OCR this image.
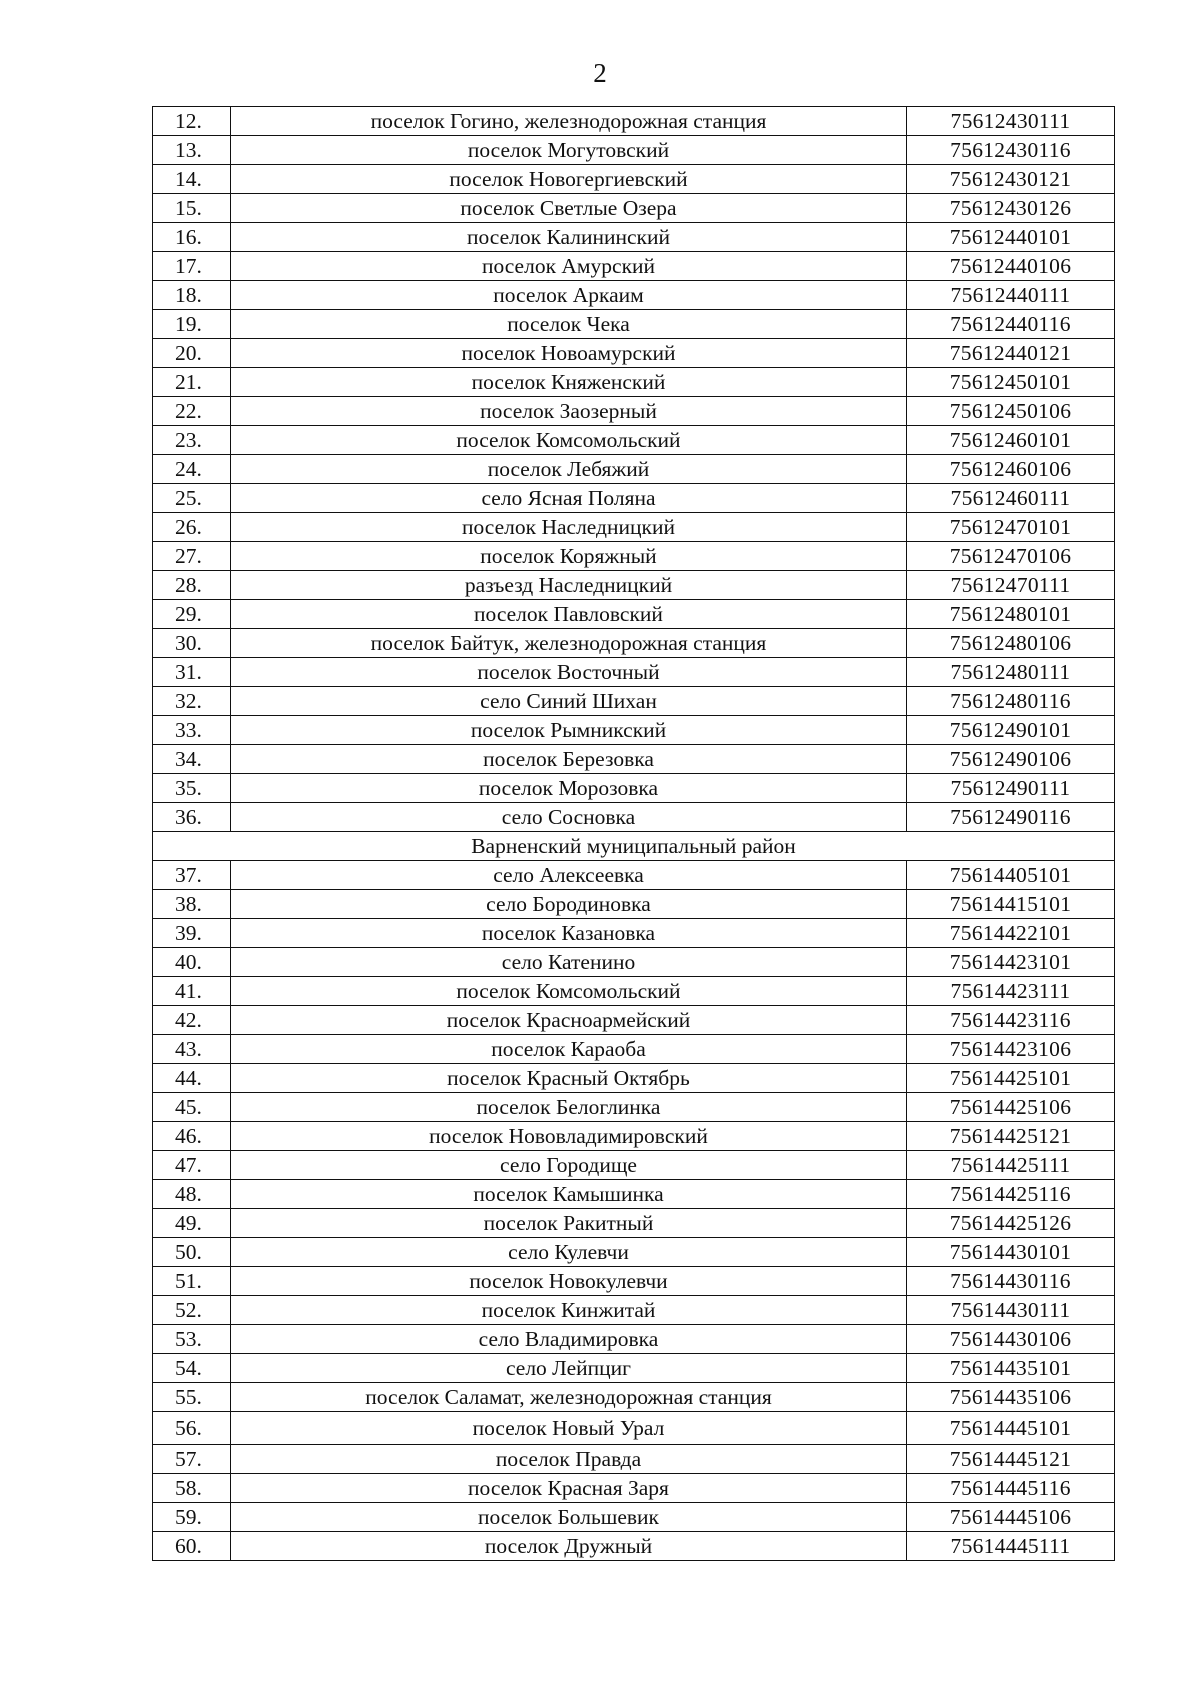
2
12.	поселок Гогино, железнодорожная станция	75612430111
13.	поселок Могутовский	75612430116
14.	поселок Новогергиевский	75612430121
15.	поселок Светлые Озера	75612430126
16.	поселок Калининский	75612440101
17.	поселок Амурский	75612440106
18.	поселок Аркаим	75612440111
19.	поселок Чека	75612440116
20.	поселок Новоамурский	75612440121
21.	поселок Княженский	75612450101
22.	поселок Заозерный	75612450106
23.	поселок Комсомольский	75612460101
24.	поселок Лебяжий	75612460106
25.	село Ясная Поляна	75612460111
26.	поселок Наследницкий	75612470101
27.	поселок Коряжный	75612470106
28.	разъезд Наследницкий	75612470111
29.	поселок Павловский	75612480101
30.	поселок Байтук, железнодорожная станция	75612480106
31.	поселок Восточный	75612480111
32.	село Синий Шихан	75612480116
33.	поселок Рымникский	75612490101
34.	поселок Березовка	75612490106
35.	поселок Морозовка	75612490111
36.	село Сосновка	75612490116
Варненский муниципальный район		
37.	село Алексеевка	75614405101
38.	село Бородиновка	75614415101
39.	поселок Казановка	75614422101
40.	село Катенино	75614423101
41.	поселок Комсомольский	75614423111
42.	поселок Красноармейский	75614423116
43.	поселок Караоба	75614423106
44.	поселок Красный Октябрь	75614425101
45.	поселок Белоглинка	75614425106
46.	поселок Нововладимировский	75614425121
47.	село Городище	75614425111
48.	поселок Камышинка	75614425116
49.	поселок Ракитный	75614425126
50.	село Кулевчи	75614430101
51.	поселок Новокулевчи	75614430116
52.	поселок Кинжитай	75614430111
53.	село Владимировка	75614430106
54.	село Лейпциг	75614435101
55.	поселок Саламат, железнодорожная станция	75614435106
56.	поселок Новый Урал	75614445101
57.	поселок Правда	75614445121
58.	поселок Красная Заря	75614445116
59.	поселок Большевик	75614445106
60.	поселок Дружный	75614445111
